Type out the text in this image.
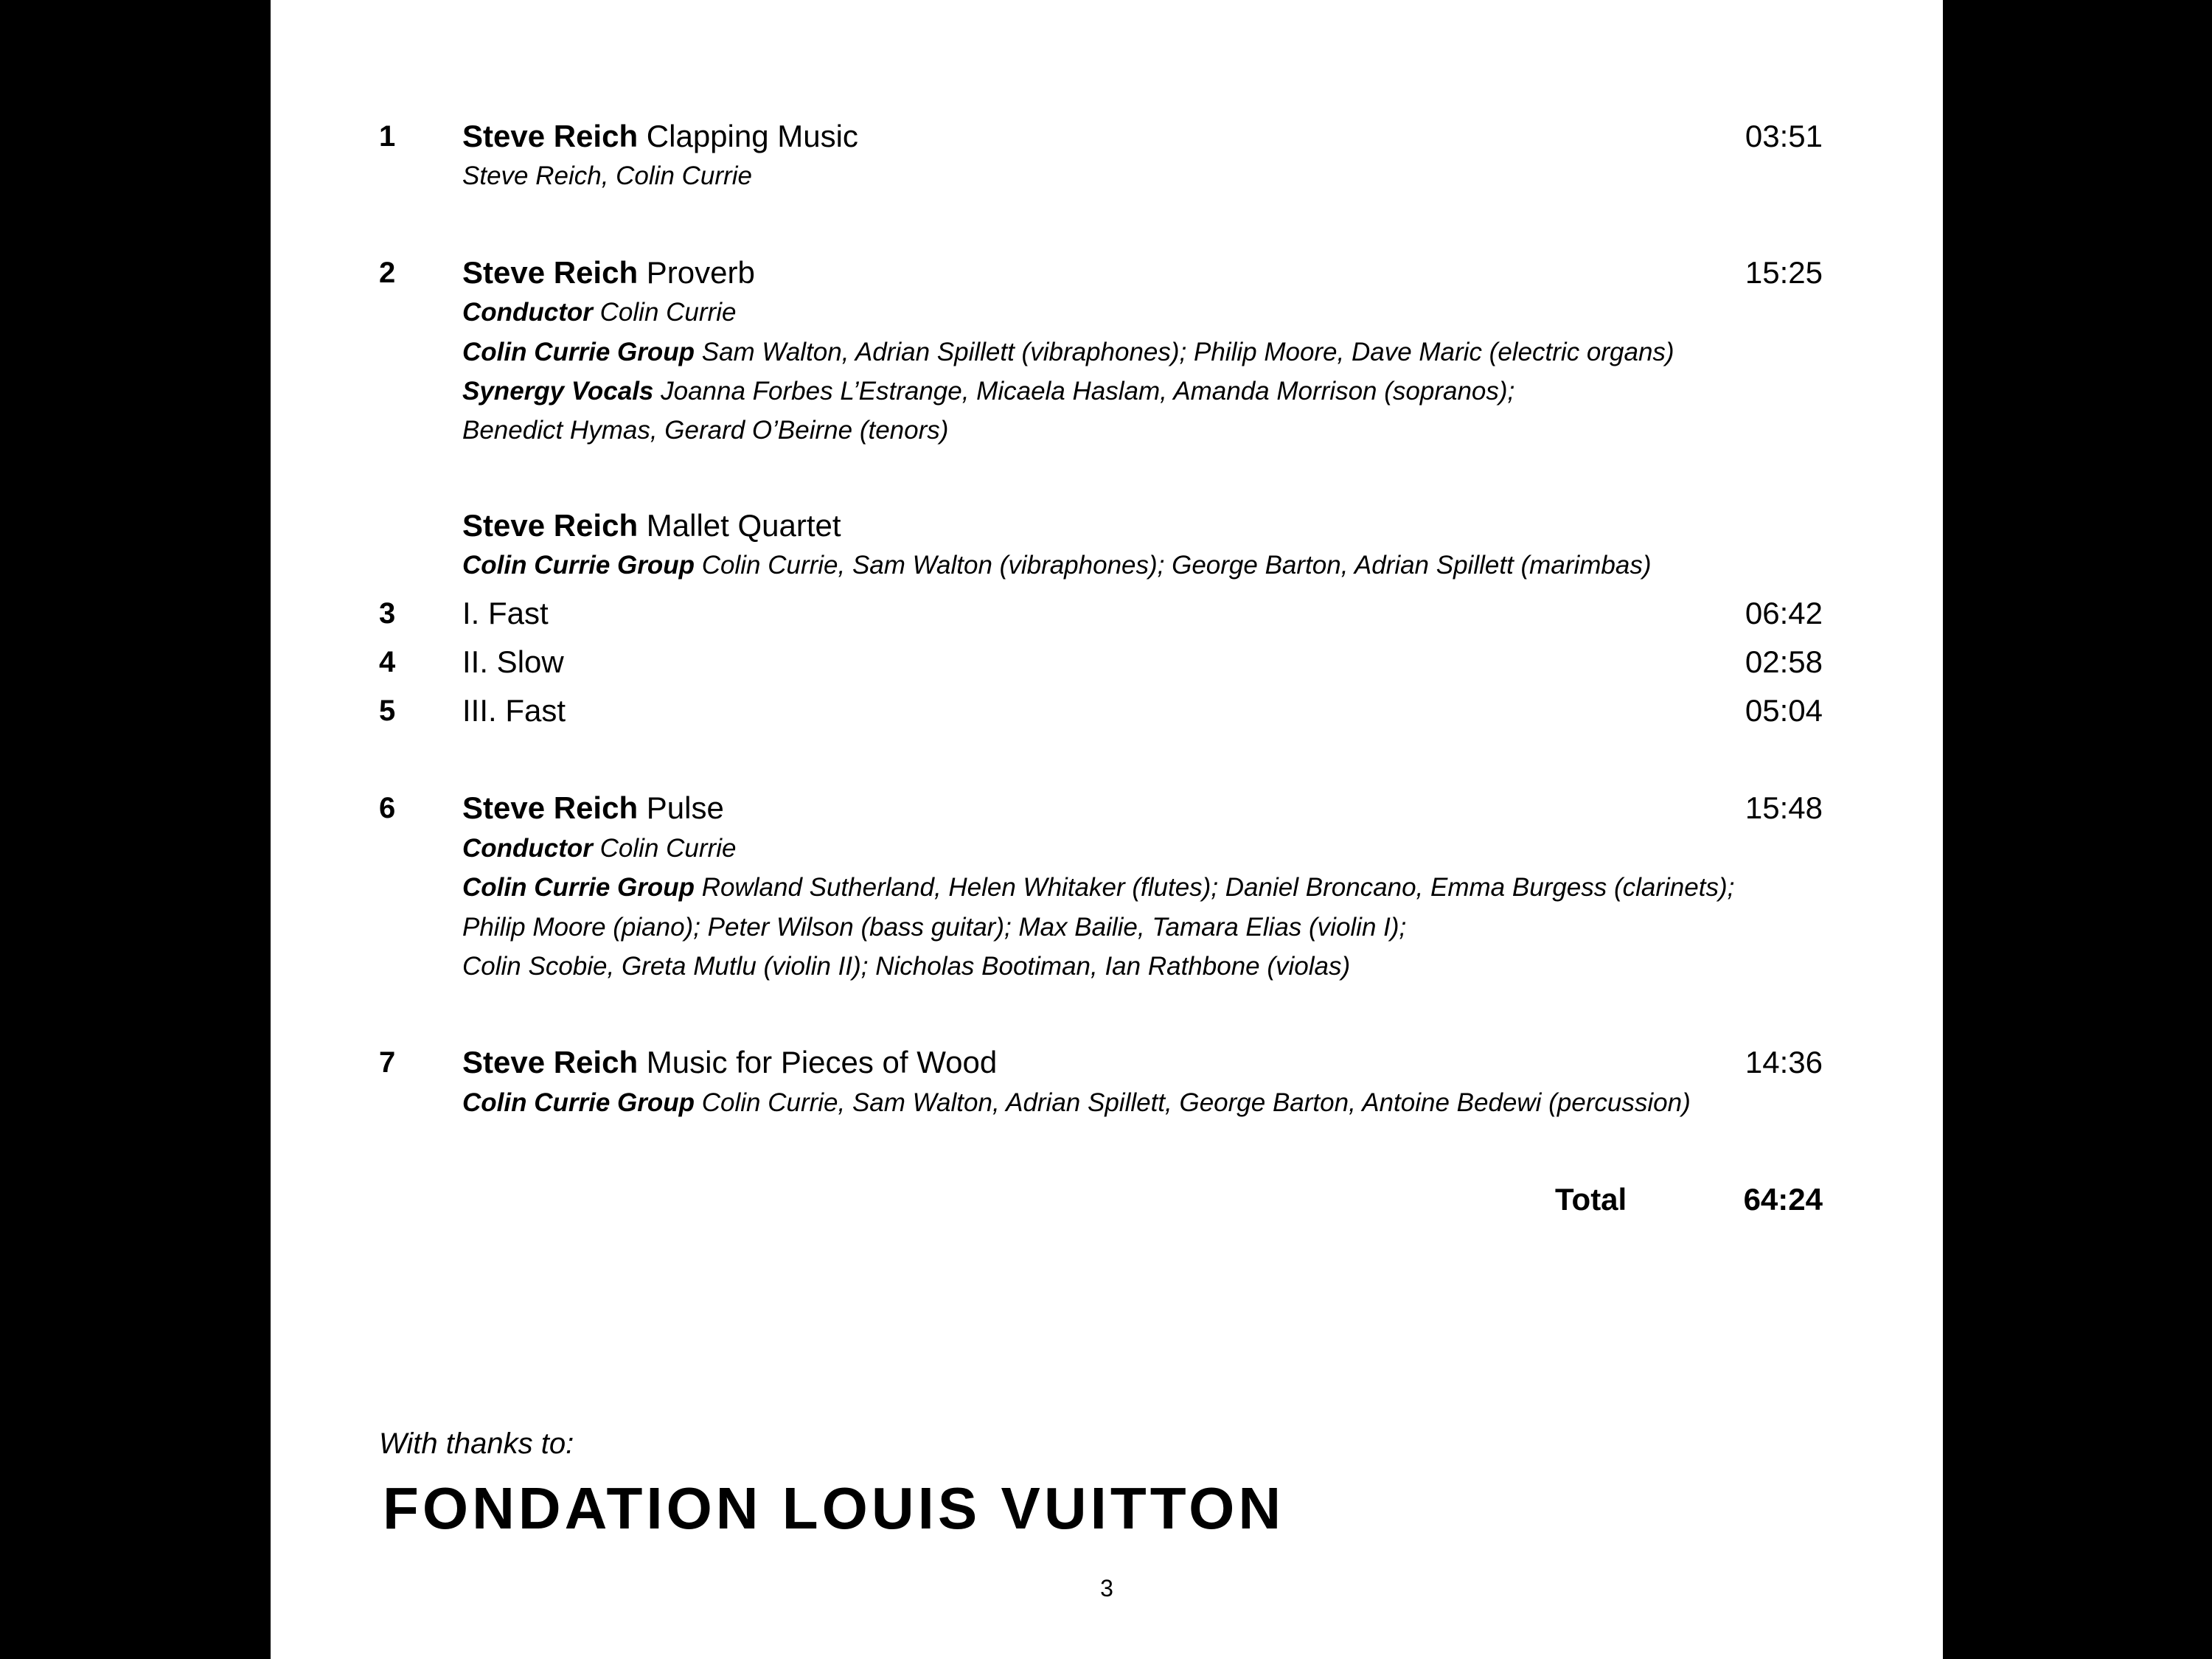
1 Steve Reich Clapping Music	03:51
Steve Reich, Colin Currie
2 Steve Reich Proverb	15:25
Conductor Colin Currie
Colin Currie Group Sam Walton, Adrian Spillett (vibraphones); Philip Moore, Dave Maric (electric organs)
Synergy Vocals Joanna Forbes L’Estrange, Micaela Haslam, Amanda Morrison (sopranos);
Benedict Hymas, Gerard O’Beirne (tenors)
Steve Reich Mallet Quartet
Colin Currie Group Colin Currie, Sam Walton (vibraphones); George Barton, Adrian Spillett (marimbas)
3 I. Fast	06:42
4 II. Slow	02:58
5 III. Fast	05:04
6 Steve Reich Pulse	15:48
Conductor Colin Currie
Colin Currie Group Rowland Sutherland, Helen Whitaker (flutes); Daniel Broncano, Emma Burgess (clarinets);
Philip Moore (piano); Peter Wilson (bass guitar); Max Bailie, Tamara Elias (violin I);
Colin Scobie, Greta Mutlu (violin II); Nicholas Bootiman, Ian Rathbone (violas)
7 Steve Reich Music for Pieces of Wood	14:36
Colin Currie Group Colin Currie, Sam Walton, Adrian Spillett, George Barton, Antoine Bedewi (percussion)
Total	64:24
With thanks to:
FONDATION LOUIS VUITTON
3
